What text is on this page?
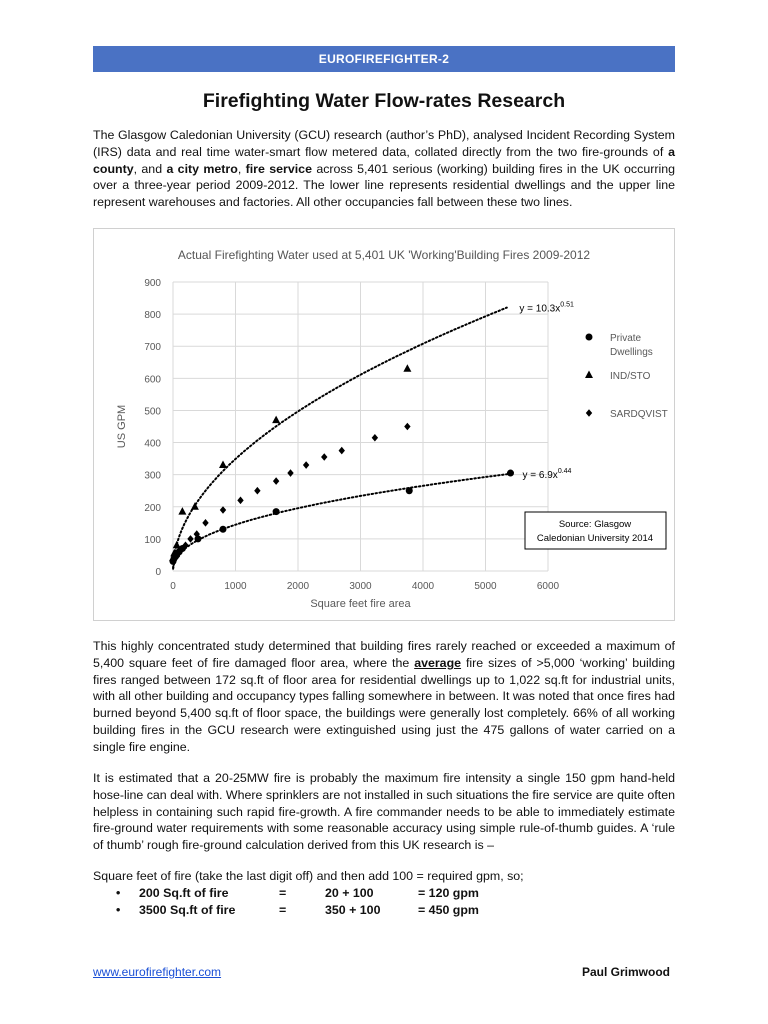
EUROFIREFIGHTER-2
Firefighting Water Flow-rates Research

The Glasgow Caledonian University (GCU) research (author’s PhD), analysed Incident Recording System (IRS) data and real time water-smart flow metered data, collated directly from the two fire-grounds of a county, and a city metro, fire service across 5,401 serious (working) building fires in the UK occurring over a three-year period 2009-2012. The lower line represents residential dwellings and the upper line represent warehouses and factories. All other occupancies fall between these two lines.

Actual Firefighting Water used at 5,401 UK 'Working'Building Fires 2009-2012
0
100
200
300
400
500
600
700
800
900
0	1000	2000	3000	4000	5000	6000
Square feet fire area
US GPM
$y = 10.3x^{0.51}$
$y = 6.9x^{0.44}$
Private
Dwellings
IND/STO
SARDQVIST
Source: Glasgow
Caledonian University 2014

This highly concentrated study determined that building fires rarely reached or exceeded a maximum of 5,400 square feet of fire damaged floor area, where the average fire sizes of >5,000 ‘working’ building fires ranged between 172 sq.ft of floor area for residential dwellings up to 1,022 sq.ft for industrial units, with all other building and occupancy types falling somewhere in between. It was noted that once fires had burned beyond 5,400 sq.ft of floor space, the buildings were generally lost completely. 66% of all working building fires in the GCU research were extinguished using just the 475 gallons of water carried on a single fire engine.

It is estimated that a 20-25MW fire is probably the maximum fire intensity a single 150 gpm hand-held hose-line can deal with. Where sprinklers are not installed in such situations the fire service are quite often helpless in containing such rapid fire-growth. A fire commander needs to be able to immediately estimate fire-ground water requirements with some reasonable accuracy using simple rule-of-thumb guides. A ‘rule of thumb’ rough fire-ground calculation derived from this UK research is –

Square feet of fire (take the last digit off) and then add 100 = required gpm, so;
• 200 Sq.ft of fire	=	20 + 100	= 120 gpm
• 3500 Sq.ft of fire	=	350 + 100	= 450 gpm
www.eurofirefighter.com	Paul Grimwood
